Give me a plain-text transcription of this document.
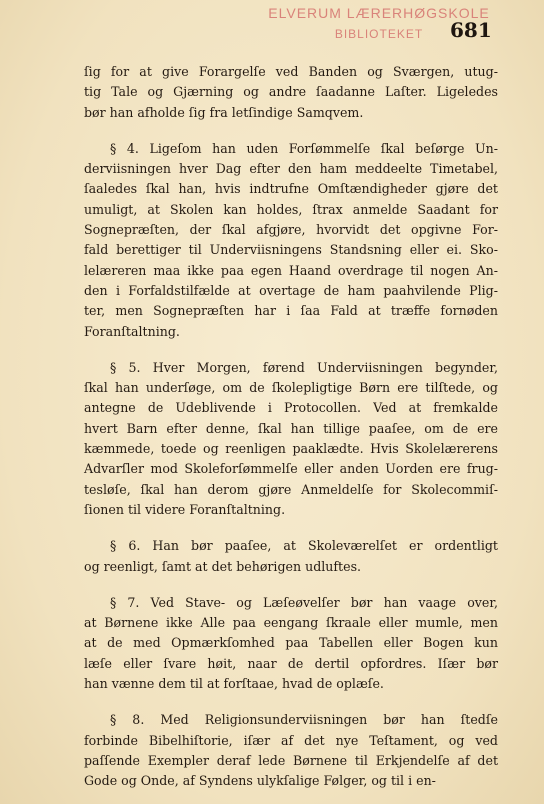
ELVERUM LÆRERHØGSKOLE
BIBLIOTEKET	681
ſig for at give Forargelſe ved Banden og Sværgen, utug-
tig Tale og Gjærning og andre ſaadanne Laſter. Ligeledes
bør han afholde ſig fra letſindige Samqvem.
§ 4. Ligeſom han uden Forſømmelſe ſkal beſørge Un-
derviisningen hver Dag efter den ham meddeelte Timetabel,
ſaaledes ſkal han, hvis indtrufne Omſtændigheder gjøre det
umuligt, at Skolen kan holdes, ſtrax anmelde Saadant for
Sognepræſten, der ſkal afgjøre, hvorvidt det opgivne For-
fald berettiger til Underviisningens Standsning eller ei. Sko-
lelæreren maa ikke paa egen Haand overdrage til nogen An-
den i Forfaldstilfælde at overtage de ham paahvilende Plig-
ter, men Sognepræſten har i ſaa Fald at træffe fornøden
Foranſtaltning.
§ 5. Hver Morgen, førend Underviisningen begynder,
ſkal han underſøge, om de ſkolepligtige Børn ere tilſtede, og
antegne de Udeblivende i Protocollen. Ved at fremkalde
hvert Barn efter denne, ſkal han tillige paaſee, om de ere
kæmmede, toede og reenligen paaklædte. Hvis Skolelærerens
Advarſler mod Skoleforſømmelſe eller anden Uorden ere frug-
tesløſe, ſkal han derom gjøre Anmeldelſe for Skolecommiſ-
ſionen til videre Foranſtaltning.
§ 6. Han bør paaſee, at Skoleværelſet er ordentligt
og reenligt, ſamt at det behørigen udluftes.
§ 7. Ved Stave- og Læſeøvelſer bør han vaage over,
at Børnene ikke Alle paa eengang ſkraale eller mumle, men
at de med Opmærkſomhed paa Tabellen eller Bogen kun
læſe eller ſvare høit, naar de dertil opfordres. Iſær bør
han vænne dem til at forſtaae, hvad de oplæſe.
§ 8. Med Religionsunderviisningen bør han ſtedſe
forbinde Bibelhiſtorie, iſær af det nye Teſtament, og ved
paſſende Exempler deraf lede Børnene til Erkjendelſe af det
Gode og Onde, af Syndens ulykſalige Følger, og til i en-
